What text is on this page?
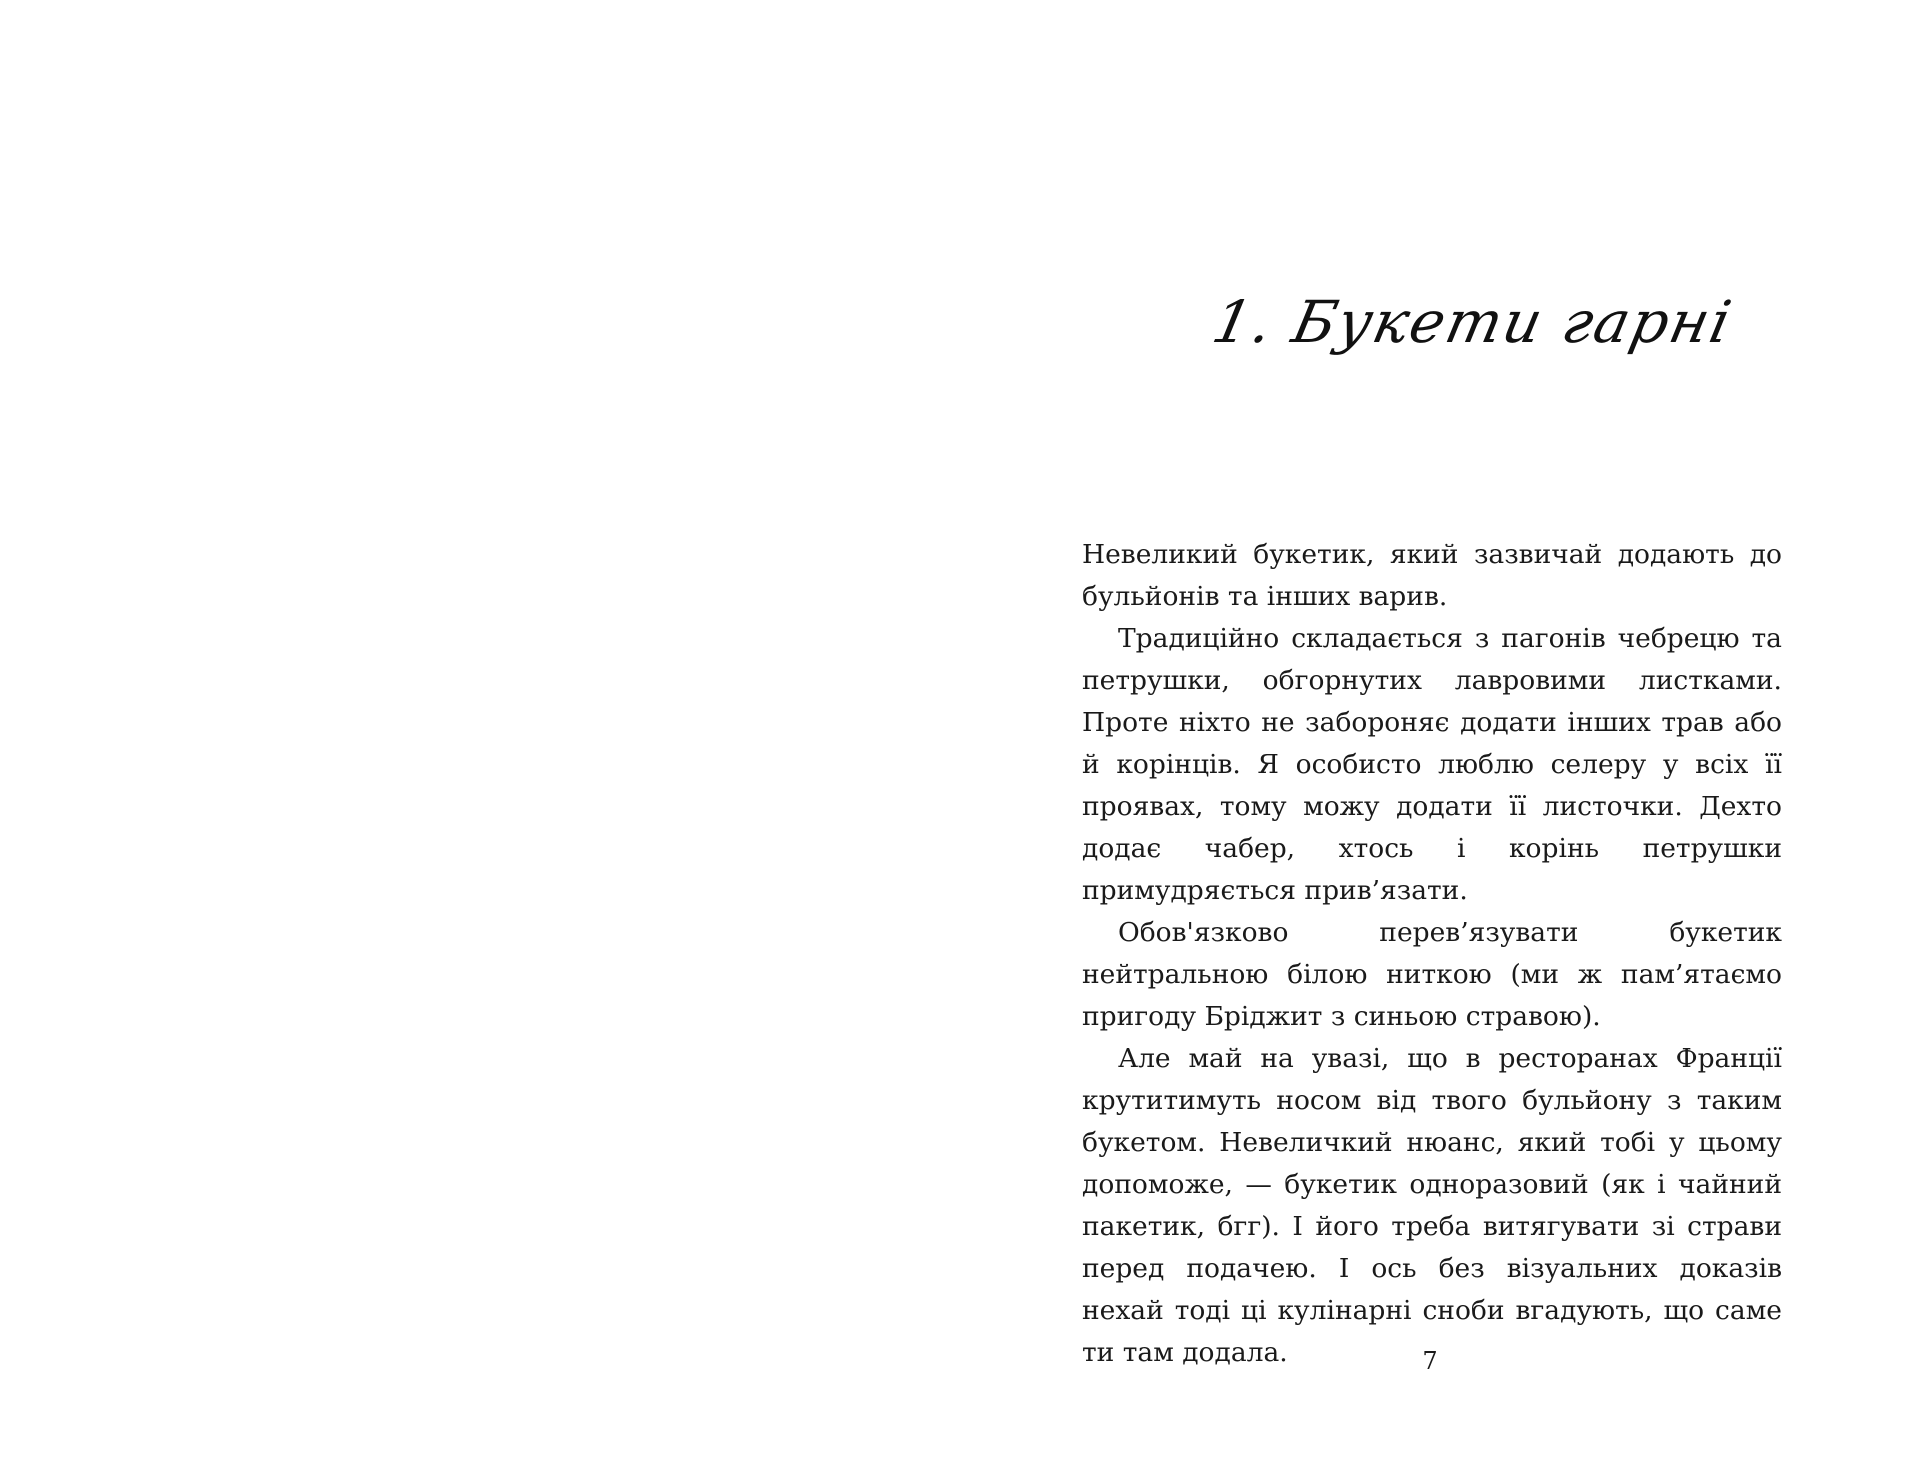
1. Букети гарні

Невеликий букетик, який зазвичай додають до бульйонів та інших варив.

Традиційно складається з пагонів чебрецю та петрушки, обгорнутих лавровими листками. Проте ніхто не забороняє додати інших трав або й корінців. Я особисто люблю селеру у всіх її проявах, тому можу додати її листочки. Дехто додає чабер, хтось і корінь петрушки примудряється прив’язати.

Обов'язково перев’язувати букетик нейтральною білою ниткою (ми ж пам’ятаємо пригоду Бріджит з синьою стравою).

Але май на увазі, що в ресторанах Франції крутитимуть носом від твого бульйону з таким букетом. Невеличкий нюанс, який тобі у цьому допоможе, — букетик одноразовий (як і чайний пакетик, бгг). І його треба витягувати зі страви перед подачею. І ось без візуальних доказів нехай тоді ці кулінарні сноби вгадують, що саме ти там додала.	7
